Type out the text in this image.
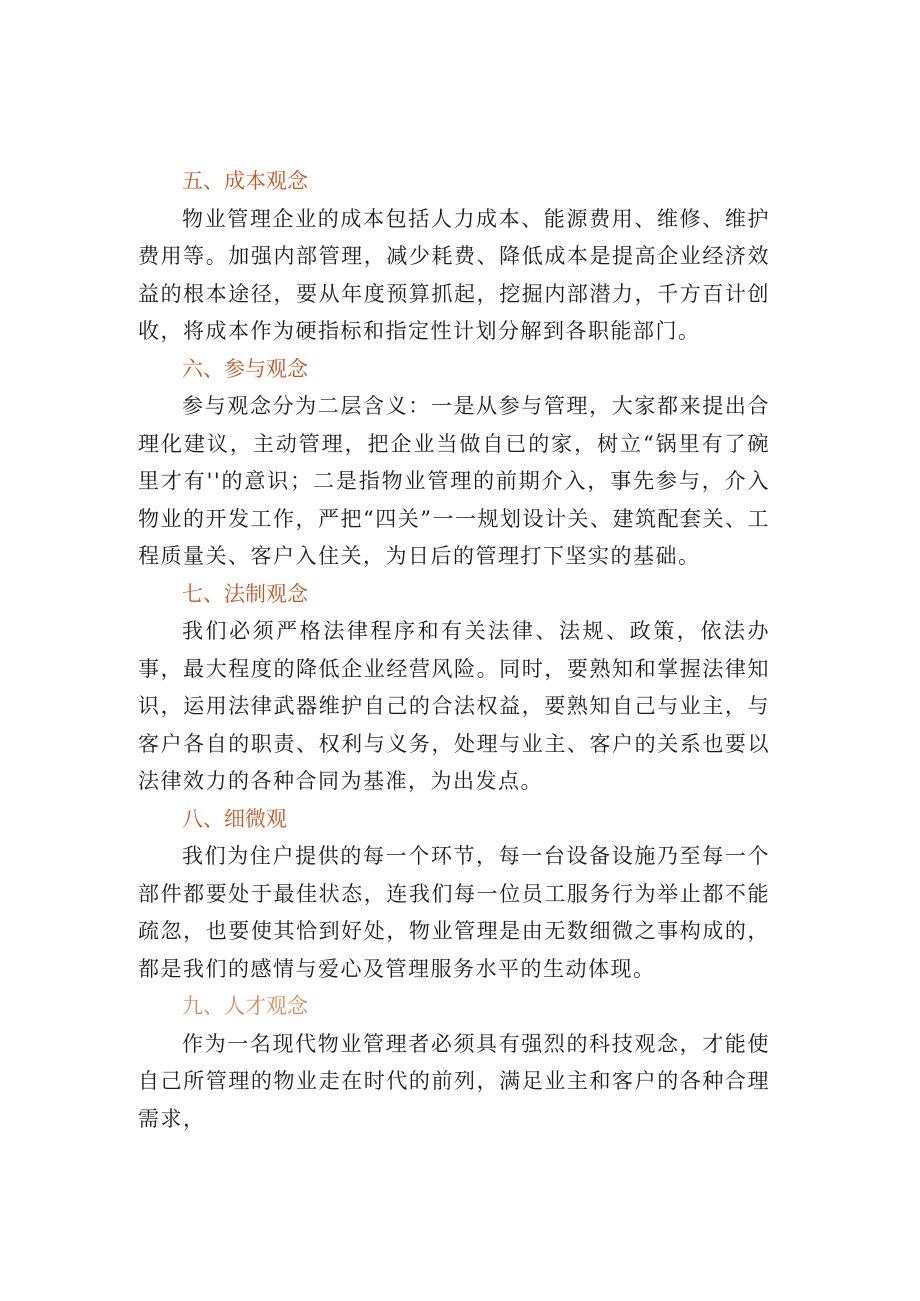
五、成本观念

物业管理企业的成本包括人力成本、能源费用、维修、维护费用等。加强内部管理，减少耗费、降低成本是提高企业经济效益的根本途径，要从年度预算抓起，挖掘内部潜力，千方百计创收，将成本作为硬指标和指定性计划分解到各职能部门。

六、参与观念

参与观念分为二层含义：一是从参与管理，大家都来提出合理化建议，主动管理，把企业当做自已的家，树立“锅里有了碗里才有''的意识；二是指物业管理的前期介入，事先参与，介入物业的开发工作，严把“四关”一一规划设计关、建筑配套关、工程质量关、客户入住关，为日后的管理打下坚实的基础。

七、法制观念

我们必须严格法律程序和有关法律、法规、政策，依法办事，最大程度的降低企业经营风险。同时，要熟知和掌握法律知识，运用法律武器维护自己的合法权益，要熟知自己与业主，与客户各自的职责、权利与义务，处理与业主、客户的关系也要以法律效力的各种合同为基准，为出发点。

八、细微观

我们为住户提供的每一个环节，每一台设备设施乃至每一个部件都要处于最佳状态，连我们每一位员工服务行为举止都不能疏忽，也要使其恰到好处，物业管理是由无数细微之事构成的，都是我们的感情与爱心及管理服务水平的生动体现。

九、人才观念

作为一名现代物业管理者必须具有强烈的科技观念，才能使自己所管理的物业走在时代的前列，满足业主和客户的各种合理需求，
